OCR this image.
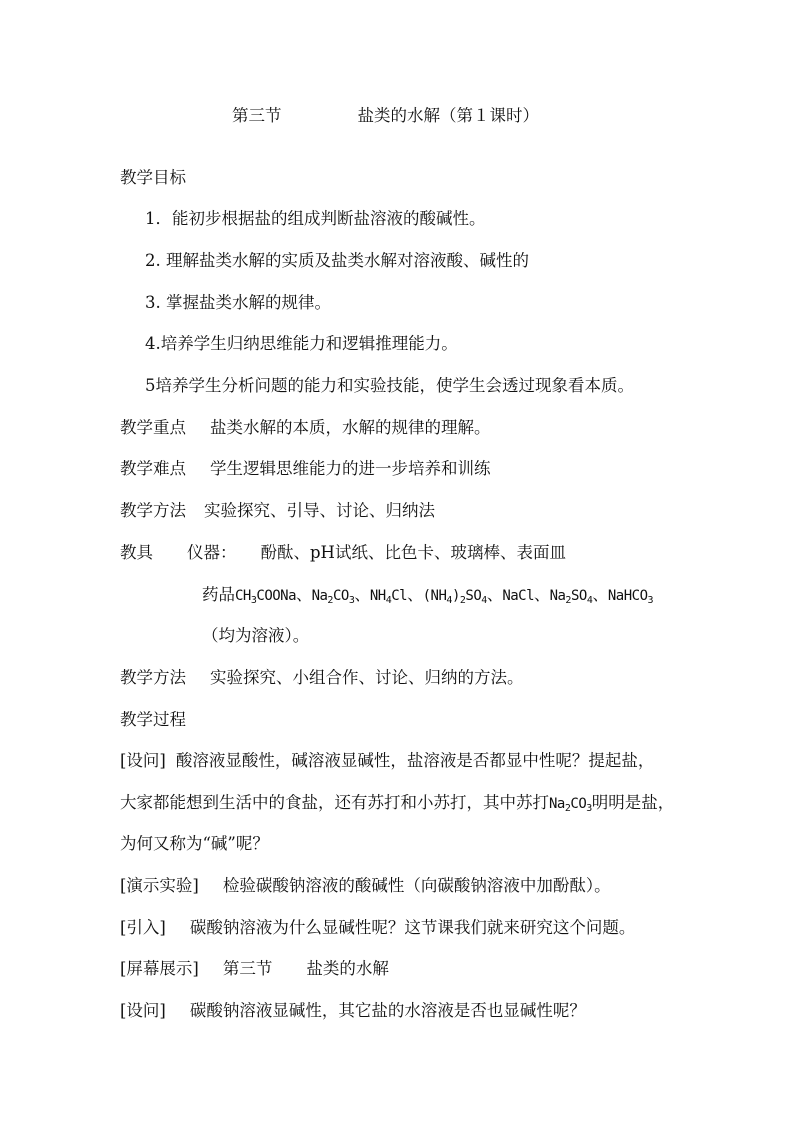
第三节	盐类的水解（第１课时）
教学目标
1．能初步根据盐的组成判断盐溶液的酸碱性。
2. 理解盐类水解的实质及盐类水解对溶液酸、碱性的
3. 掌握盐类水解的规律。
4.培养学生归纳思维能力和逻辑推理能力。
5培养学生分析问题的能力和实验技能，使学生会透过现象看本质。
教学重点 盐类水解的本质，水解的规律的理解。
教学难点 学生逻辑思维能力的进一步培养和训练
教学方法 实验探究、引导、讨论、归纳法
教具 仪器： 酚酞、pH试纸、比色卡、玻璃棒、表面皿
药品$CH_3COONa$、$Na_2CO_3$、$NH_4Cl$、$(NH_4)_2SO_4$、NaCl、$Na_2SO_4$、NaHCO$_3$
（均为溶液）。
教学方法 实验探究、小组合作、讨论、归纳的方法。
教学过程
[设问] 酸溶液显酸性，碱溶液显碱性，盐溶液是否都显中性呢？提起盐，
大家都能想到生活中的食盐，还有苏打和小苏打，其中苏打$Na_2CO_3$明明是盐，
为何又称为“碱”呢？
[演示实验] 检验碳酸钠溶液的酸碱性（向碳酸钠溶液中加酚酞）。
[引入] 碳酸钠溶液为什么显碱性呢？这节课我们就来研究这个问题。
[屏幕展示] 第三节 盐类的水解
[设问] 碳酸钠溶液显碱性，其它盐的水溶液是否也显碱性呢？
